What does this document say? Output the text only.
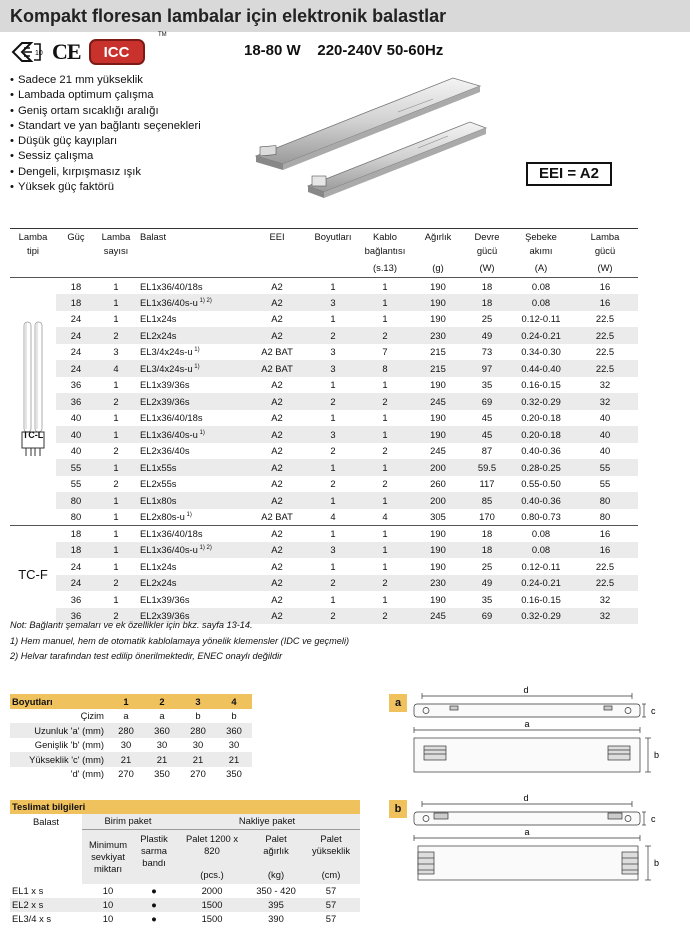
Kompakt floresan lambalar için elektronik balastlar
10 CE	ICC
TM
18-80 W 220-240V 50-60Hz
• Sadece 21 mm yükseklik
• Lambada optimum çalışma
• Geniş ortam sıcaklığı aralığı
• Standart ve yan bağlantı seçenekleri
• Düşük güç kayıpları
• Sessiz çalışma
• Dengeli, kırpışmasız ışık
• Yüksek güç faktörü
EEI = A2
Lamba
tipi	Güç	Lamba
sayısı	Balast	EEI	Boyutları	Kablo
bağlantısı	Ağırlık	Devre
gücü	Şebeke
akımı	Lamba
gücü
						(s.13)	(g)	(W)	(A)	(W)

TC-L	18	1	EL1x36/40/18s	A2	1	1	190	18	0.08	16
	18	1	EL1x36/40s-u $^{1) 2)}$	A2	3	1	190	18	0.08	16
	24	1	EL1x24s	A2	1	1	190	25	0.12-0.11	22.5
	24	2	EL2x24s	A2	2	2	230	49	0.24-0.21	22.5
	24	3	EL3/4x24s-u $^{1)}$	A2 BAT	3	7	215	73	0.34-0.30	22.5
	24	4	EL3/4x24s-u $^{1)}$	A2 BAT	3	8	215	97	0.44-0.40	22.5
	36	1	EL1x39/36s	A2	1	1	190	35	0.16-0.15	32
	36	2	EL2x39/36s	A2	2	2	245	69	0.32-0.29	32
	40	1	EL1x36/40/18s	A2	1	1	190	45	0.20-0.18	40
	40	1	EL1x36/40s-u $^{1)}$	A2	3	1	190	45	0.20-0.18	40
	40	2	EL2x36/40s	A2	2	2	245	87	0.40-0.36	40
	55	1	EL1x55s	A2	1	1	200	59.5	0.28-0.25	55
	55	2	EL2x55s	A2	2	2	260	117	0.55-0.50	55
	80	1	EL1x80s	A2	1	1	200	85	0.40-0.36	80
	80	1	EL2x80s-u $^{1)}$	A2 BAT	4	4	305	170	0.80-0.73	80

TC-F	18	1	EL1x36/40/18s	A2	1	1	190	18	0.08	16
	18	1	EL1x36/40s-u $^{1) 2)}$	A2	3	1	190	18	0.08	16
	24	1	EL1x24s	A2	1	1	190	25	0.12-0.11	22.5
	24	2	EL2x24s	A2	2	2	230	49	0.24-0.21	22.5
	36	1	EL1x39/36s	A2	1	1	190	35	0.16-0.15	32
	36	2	EL2x39/36s	A2	2	2	245	69	0.32-0.29	32
Not: Bağlantı şemaları ve ek özellikler için bkz. sayfa 13-14.
1) Hem manuel, hem de otomatik kablolamaya yönelik klemensler (IDC ve geçmeli)
2) Helvar tarafından test edilip önerilmektedir, ENEC onaylı değildir
Boyutları	1	2	3	4
Çizim	a	a	b	b
Uzunluk 'a' (mm)	280	360	280	360
Genişlik 'b' (mm)	30	30	30	30
Yükseklik 'c' (mm)	21	21	21	21
'd' (mm)	270	350	270	350
Teslimat bilgileri					
Balast	Birim paket		Nakliye paket		
	Minimum
sevkiyat
miktarı	Plastik
sarma
bandı	Palet 1200 x
820

(pcs.)	Palet
ağırlık

(kg)	Palet
yükseklik

(cm)
EL1 x s	10	●	2000	350 - 420	57
EL2 x s	10	●	1500	395	57
EL3/4 x s	10	●	1500	390	57
a
b
d
a
c
b
d
a
c
b
